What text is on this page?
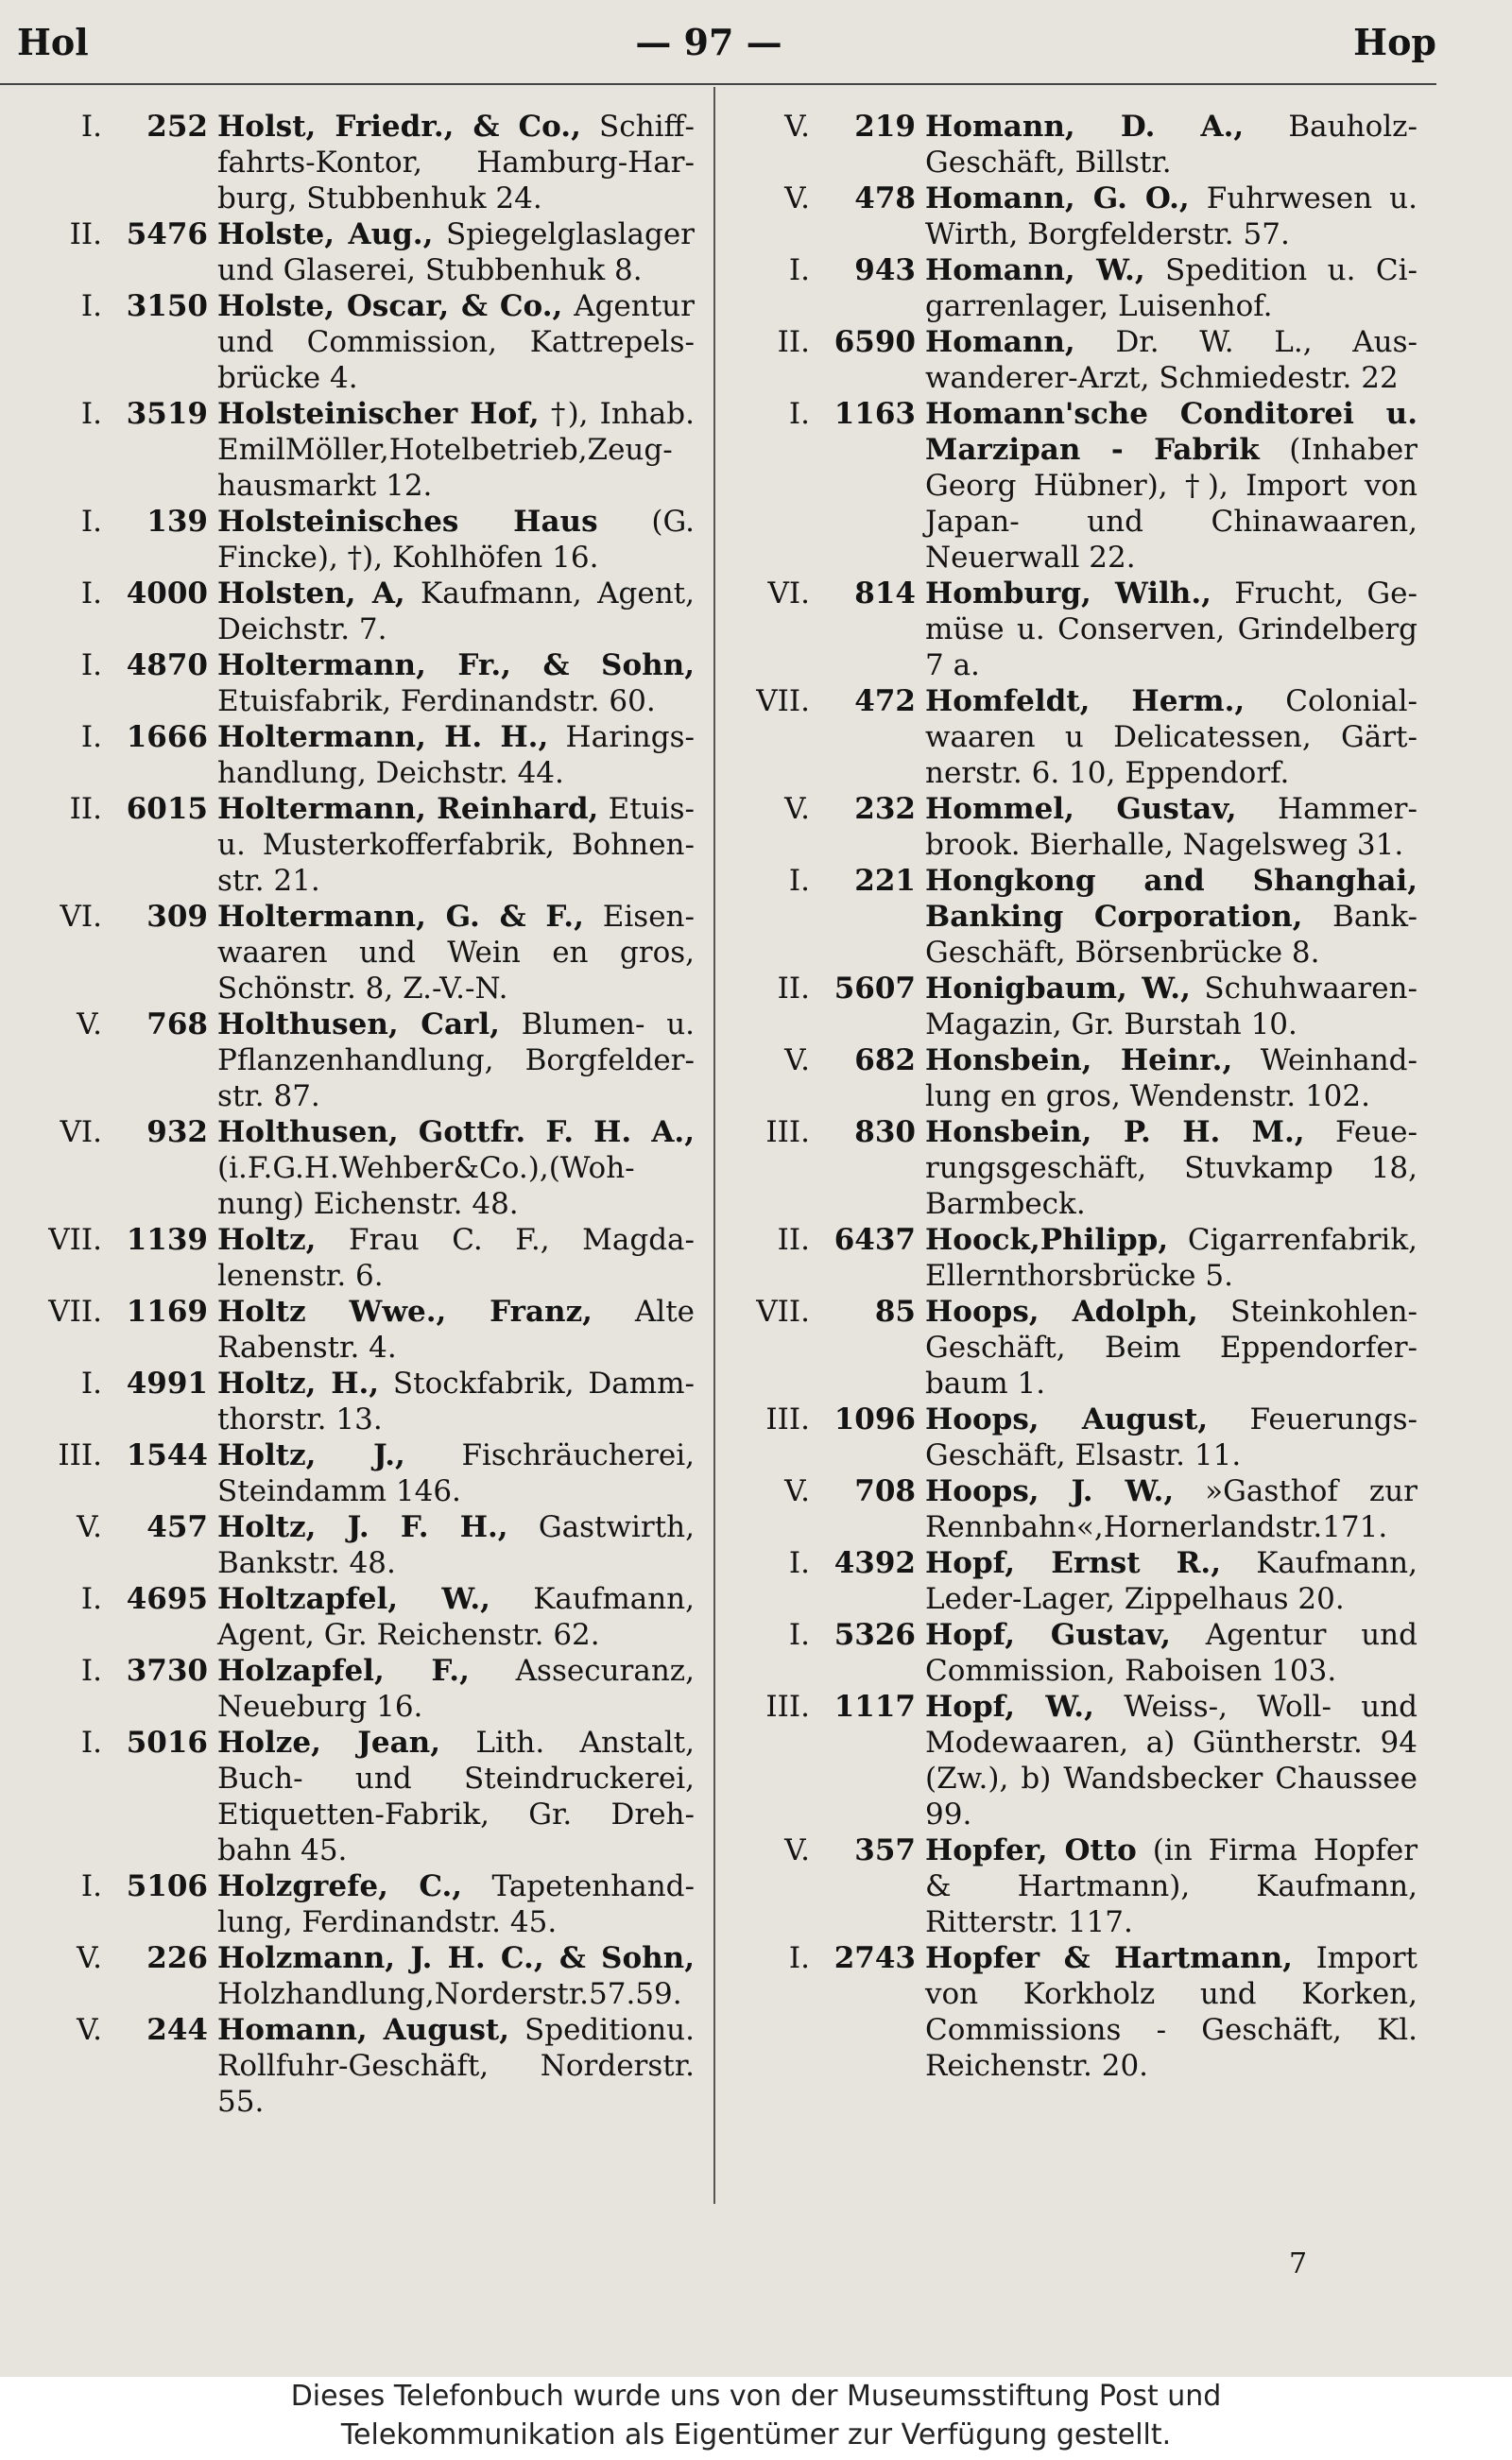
Hol	— 97 —	Hop
I.	252 Holst, Friedr., & Co., Schifffahrts-Kontor, Hamburg-Harburg, Stubbenhuk 24.
II. 5476 Holste, Aug., Spiegelglaslager und Glaserei, Stubbenhuk 8.
I. 3150 Holste, Oscar, & Co., Agentur und Commission, Kattrepelsbrücke 4.
I. 3519 Holsteinischer Hof, †), Inhab. EmilMöller,Hotelbetrieb,Zeughausmarkt 12.
I.	139 Holsteinisches Haus (G. Fincke), †), Kohlhöfen 16.
I. 4000 Holsten, A, Kaufmann, Agent, Deichstr. 7.
I. 4870 Holtermann, Fr., & Sohn, Etuisfabrik, Ferdinandstr. 60.
I. 1666 Holtermann, H. H., Haringshandlung, Deichstr. 44.
II. 6015 Holtermann, Reinhard, Etuisu. Musterkofferfabrik, Bohnenstr. 21.
VI.	309 Holtermann, G. & F., Eisenwaaren und Wein en gros, Schönstr. 8, Z.-V.-N.
V.	768 Holthusen, Carl, Blumen- u. Pflanzenhandlung, Borgfelderstr. 87.
VI.	932 Holthusen, Gottfr. F. H. A., (i.F.G.H.Wehber&Co.),(Wohnung) Eichenstr. 48.
VII. 1139 Holtz, Frau C. F., Magdalenenstr. 6.
VII. 1169 Holtz Wwe., Franz, Alte Rabenstr. 4.
I. 4991 Holtz, H., Stockfabrik, Dammthorstr. 13.
III. 1544 Holtz, J., Fischräucherei, Steindamm 146.
V.	457 Holtz, J. F. H., Gastwirth, Bankstr. 48.
I. 4695 Holtzapfel, W., Kaufmann, Agent, Gr. Reichenstr. 62.
I. 3730 Holzapfel, F., Assecuranz, Neueburg 16.
I. 5016 Holze, Jean, Lith. Anstalt, Buch- und Steindruckerei, Etiquetten-Fabrik, Gr. Drehbahn 45.
I. 5106 Holzgrefe, C., Tapetenhandlung, Ferdinandstr. 45.
V.	226 Holzmann, J. H. C., & Sohn, Holzhandlung,Norderstr.57.59.
V.	244 Homann, August, Speditionu. Rollfuhr-Geschäft, Norderstr. 55.
V.	219 Homann, D. A., Bauholz-Geschäft, Billstr.
V.	478 Homann, G. O., Fuhrwesen u. Wirth, Borgfelderstr. 57.
I.	943 Homann, W., Spedition u. Cigarrenlager, Luisenhof.
II. 6590 Homann, Dr. W. L., Auswanderer-Arzt, Schmiedestr. 22
I. 1163 Homann'sche Conditorei u. Marzipan - Fabrik (Inhaber Georg Hübner), †), Import von Japan- und Chinawaaren, Neuerwall 22.
VI.	814 Homburg, Wilh., Frucht, Gemüse u. Conserven, Grindelberg 7 a.
VII.	472 Homfeldt, Herm., Colonialwaaren u Delicatessen, Gärtnerstr. 6. 10, Eppendorf.
V.	232 Hommel, Gustav, Hammerbrook. Bierhalle, Nagelsweg 31.
I.	221 Hongkong and Shanghai, Banking Corporation, Bank-Geschäft, Börsenbrücke 8.
II. 5607 Honigbaum, W., Schuhwaaren-Magazin, Gr. Burstah 10.
V.	682 Honsbein, Heinr., Weinhandlung en gros, Wendenstr. 102.
III.	830 Honsbein, P. H. M., Feuerungsgeschäft, Stuvkamp 18, Barmbeck.
II. 6437 Hoock,Philipp, Cigarrenfabrik, Ellernthorsbrücke 5.
VII.	85 Hoops, Adolph, Steinkohlen-Geschäft, Beim Eppendorferbaum 1.
III. 1096 Hoops, August, FeuerungsGeschäft, Elsastr. 11.
V.	708 Hoops, J. W., »Gasthof zur Rennbahn«,Hornerlandstr.171.
I. 4392 Hopf, Ernst R., Kaufmann, Leder-Lager, Zippelhaus 20.
I. 5326 Hopf, Gustav, Agentur und Commission, Raboisen 103.
III. 1117 Hopf, W., Weiss-, Woll- und Modewaaren, a) Güntherstr. 94 (Zw.), b) Wandsbecker Chaussee 99.
V.	357 Hopfer, Otto (in Firma Hopfer & Hartmann), Kaufmann, Ritterstr. 117.
I. 2743 Hopfer & Hartmann, Import von Korkholz und Korken, Commissions - Geschäft, Kl. Reichenstr. 20.
7
Dieses Telefonbuch wurde uns von der Museumsstiftung Post und
Telekommunikation als Eigentümer zur Verfügung gestellt.
